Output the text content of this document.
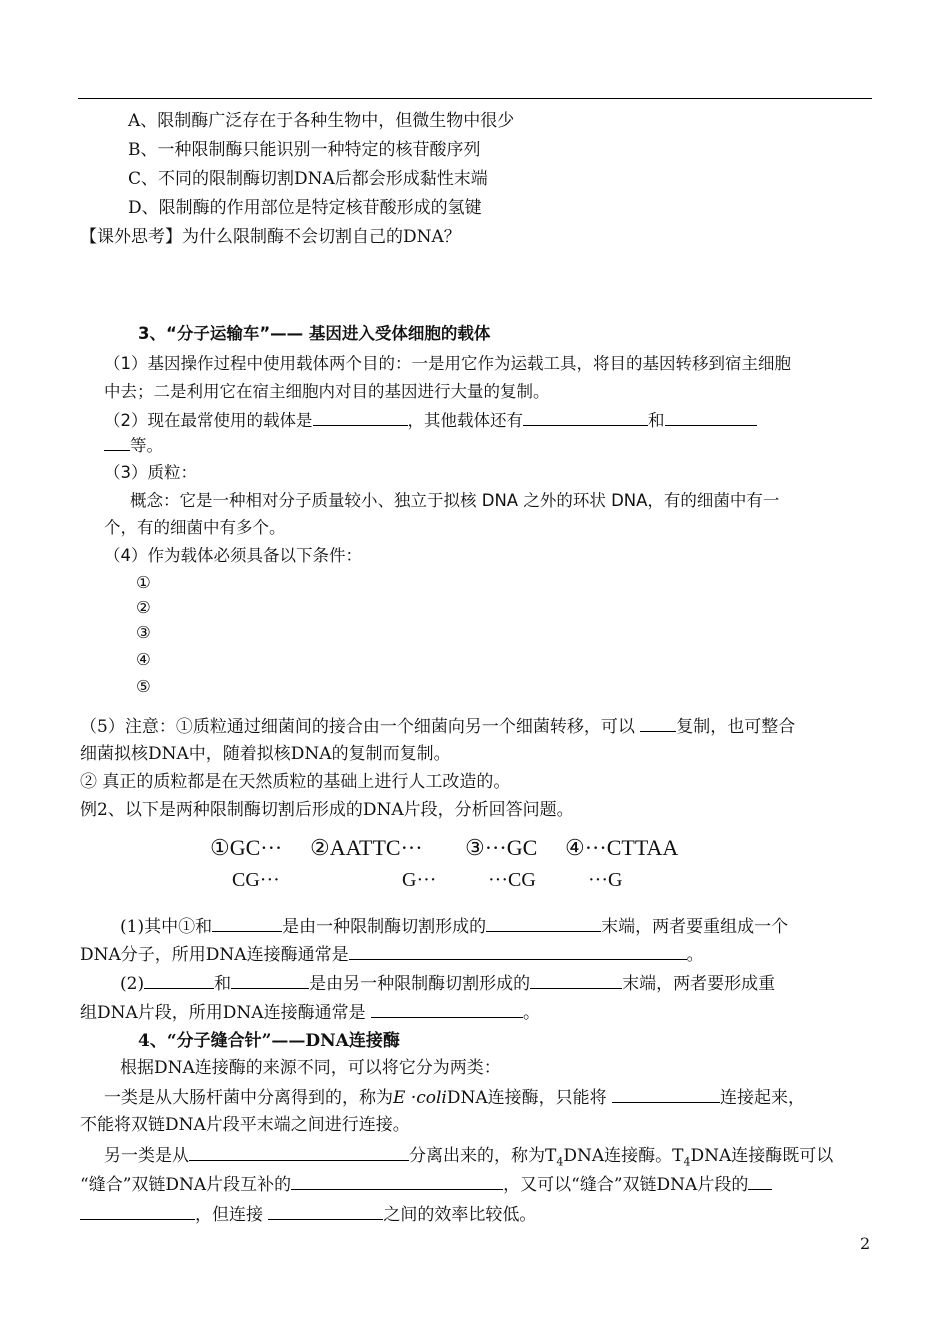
A、限制酶广泛存在于各种生物中，但微生物中很少
B、一种限制酶只能识别一种特定的核苷酸序列
C、不同的限制酶切割DNA后都会形成黏性末端
D、限制酶的作用部位是特定核苷酸形成的氢键
【课外思考】为什么限制酶不会切割自己的DNA？
3、“分子运输车”—— 基因进入受体细胞的载体
（1）基因操作过程中使用载体两个目的：一是用它作为运载工具，将目的基因转移到宿主细胞
中去；二是利用它在宿主细胞内对目的基因进行大量的复制。
（2）现在最常使用的载体是	，其他载体还有	和
等。
（3）质粒：
概念：它是一种相对分子质量较小、独立于拟核 DNA 之外的环状 DNA，有的细菌中有一
个，有的细菌中有多个。
（4）作为载体必须具备以下条件：
①
②
③
④
⑤
（5）注意：①质粒通过细菌间的接合由一个细菌向另一个细菌转移，可以 复制，也可整合
细菌拟核DNA中，随着拟核DNA的复制而复制。
② 真正的质粒都是在天然质粒的基础上进行人工改造的。
例2、以下是两种限制酶切割后形成的DNA片段，分析回答问题。
①GC···
CG···
②AATTC···
G···
③···GC
···CG
④···CTTAA
···G
(1)其中①和	是由一种限制酶切割形成的	末端，两者要重组成一个
DNA分子，所用DNA连接酶通常是	。
(2)	和	是由另一种限制酶切割形成的	末端，两者要形成重
组DNA片段，所用DNA连接酶通常是	。
4、“分子缝合针”——DNA连接酶
根据DNA连接酶的来源不同，可以将它分为两类：
一类是从大肠杆菌中分离得到的，称为E ·coliDNA连接酶，只能将	连接起来，
不能将双链DNA片段平末端之间进行连接。
另一类是从	分离出来的，称为$T_4DNA$连接酶。$T_4DNA$连接酶既可以
“缝合”双链DNA片段互补的	，又可以“缝合”双链DNA片段的
，但连接	之间的效率比较低。
2
